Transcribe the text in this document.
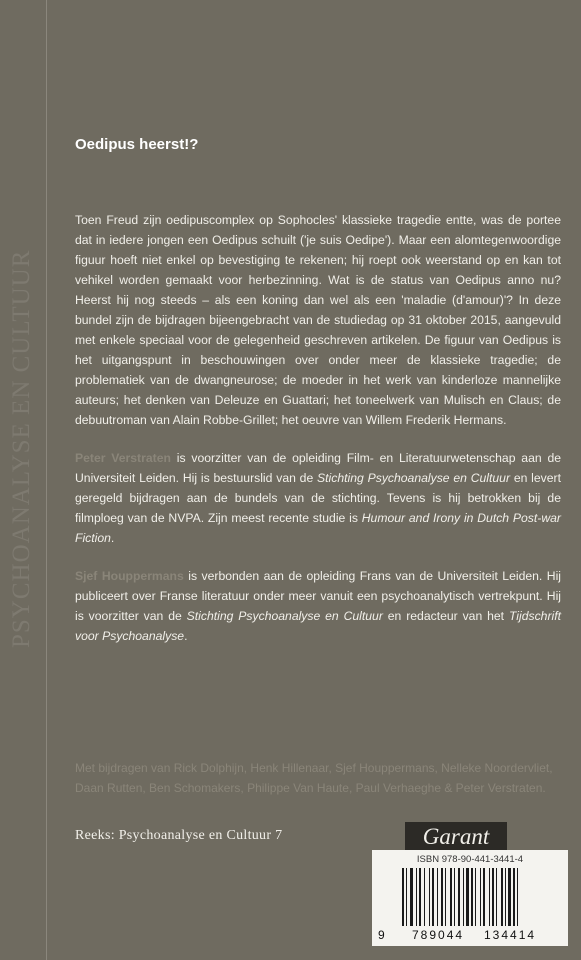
PSYCHOANALYSE EN CULTUUR
Oedipus heerst!?

Toen Freud zijn oedipuscomplex op Sophocles' klassieke tragedie entte, was de portee dat in iedere jongen een Oedipus schuilt ('je suis Oedipe'). Maar een alomtegenwoordige figuur hoeft niet enkel op bevestiging te rekenen; hij roept ook weerstand op en kan tot vehikel worden gemaakt voor herbezinning. Wat is de status van Oedipus anno nu? Heerst hij nog steeds – als een koning dan wel als een 'maladie (d'amour)'? In deze bundel zijn de bijdragen bijeengebracht van de studiedag op 31 oktober 2015, aangevuld met enkele speciaal voor de gelegenheid geschreven artikelen. De figuur van Oedipus is het uitgangspunt in beschouwingen over onder meer de klassieke tragedie; de problematiek van de dwangneurose; de moeder in het werk van kinderloze mannelijke auteurs; het denken van Deleuze en Guattari; het toneelwerk van Mulisch en Claus; de debuutroman van Alain Robbe-Grillet; het oeuvre van Willem Frederik Hermans.

Peter Verstraten is voorzitter van de opleiding Film- en Literatuurwetenschap aan de Universiteit Leiden. Hij is bestuurslid van de Stichting Psychoanalyse en Cultuur en levert geregeld bijdragen aan de bundels van de stichting. Tevens is hij betrokken bij de filmploeg van de NVPA. Zijn meest recente studie is Humour and Irony in Dutch Post-war Fiction.

Sjef Houppermans is verbonden aan de opleiding Frans van de Universiteit Leiden. Hij publiceert over Franse literatuur onder meer vanuit een psychoanalytisch vertrekpunt. Hij is voorzitter van de Stichting Psychoanalyse en Cultuur en redacteur van het Tijdschrift voor Psychoanalyse.

Met bijdragen van Rick Dolphijn, Henk Hillenaar, Sjef Houppermans, Nelleke Noordervliet, Daan Rutten, Ben Schomakers, Philippe Van Haute, Paul Verhaeghe & Peter Verstraten.
Reeks: Psychoanalyse en Cultuur 7	Garant
ISBN 978-90-441-3441-4
9 789044 134414
